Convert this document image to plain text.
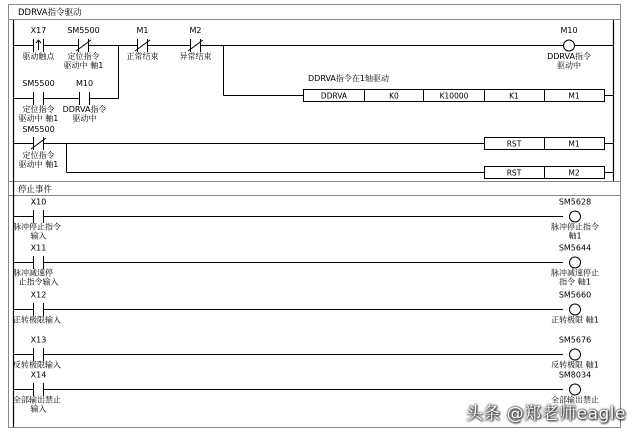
DDRVA指令驱动
停止事件
X17
驱动触点
SM5500
定位指令
驱动中 軸1
M1
正常结束
M2
异常结束
M10
DDRVA指令
驱动中
SM5500
定位指令
驱动中 軸1
M10
DDRVA指令
驱动中
DDRVA指令在1轴驱动
DDRVA	K0	K10000	K1	M1
SM5500
定位指令
驱动中 軸1
RST	M1
RST	M2
X10
脉冲停止指令
输入
SM5628
脉冲停止指令
軸1
X11
脉冲减速停
止指令输入
SM5644
脉冲减速停止
指令 軸1
X12
正转极限输入
SM5660
正转极限 軸1
X13
反转极限输入
SM5676
反转极限 軸1
X14
全部输出禁止
输入
SM8034
全部输出禁止
头条 @郑老师eagle
